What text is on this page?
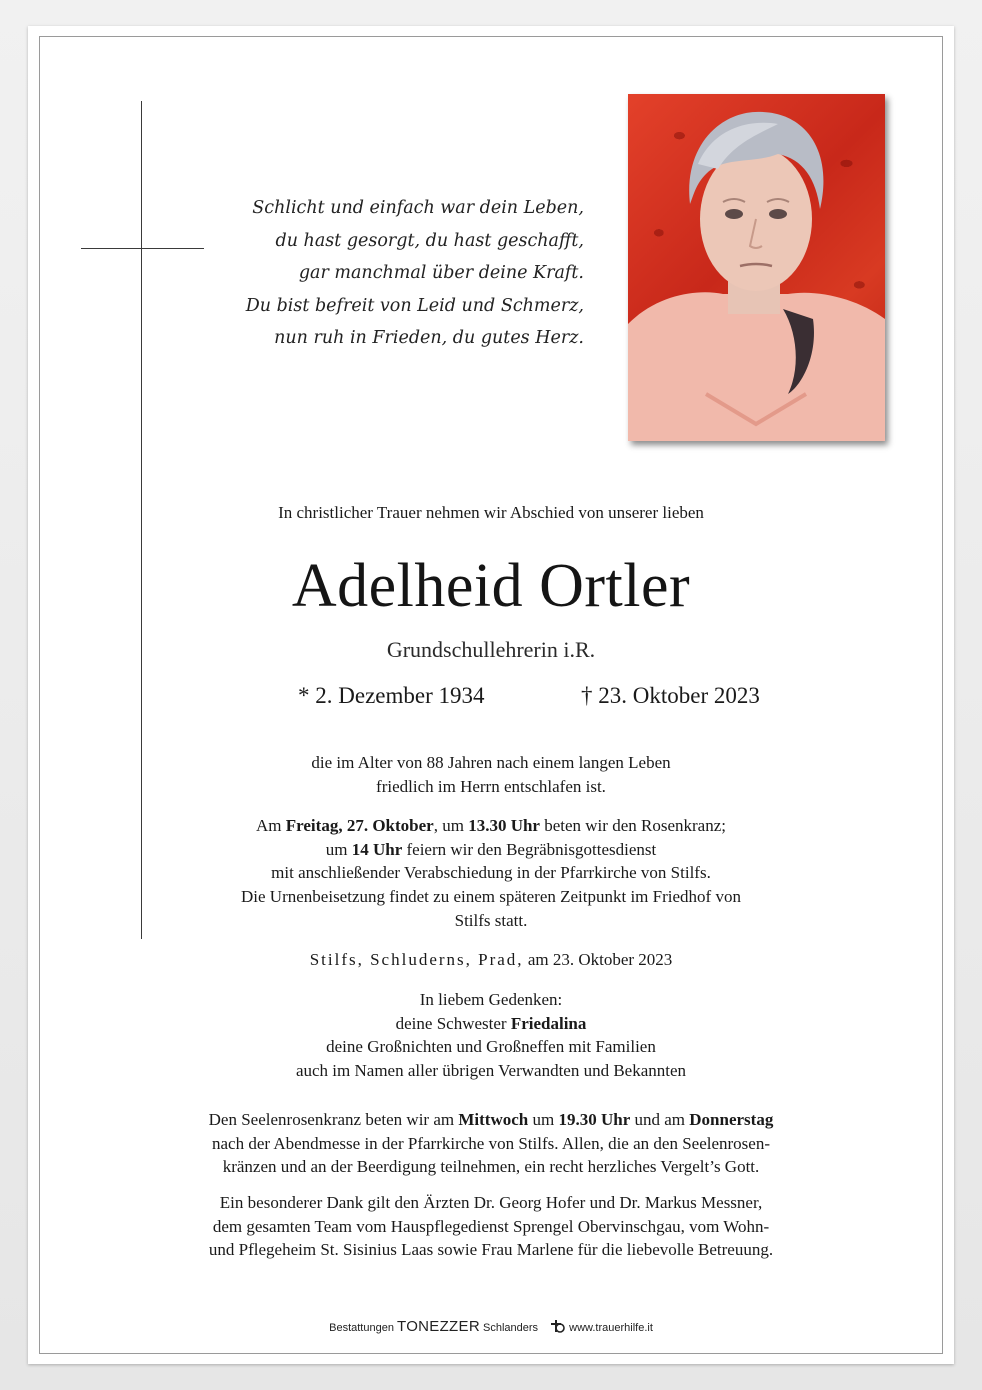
Schlicht und einfach war dein Leben,
du hast gesorgt, du hast geschafft,
gar manchmal über deine Kraft.
Du bist befreit von Leid und Schmerz,
nun ruh in Frieden, du gutes Herz.
In christlicher Trauer nehmen wir Abschied von unserer lieben
Adelheid Ortler
Grundschullehrerin i.R.
* 2. Dezember 1934	† 23. Oktober 2023
die im Alter von 88 Jahren nach einem langen Leben
friedlich im Herrn entschlafen ist.
Am Freitag, 27. Oktober, um 13.30 Uhr beten wir den Rosenkranz;
um 14 Uhr feiern wir den Begräbnisgottesdienst
mit anschließender Verabschiedung in der Pfarrkirche von Stilfs.
Die Urnenbeisetzung findet zu einem späteren Zeitpunkt im Friedhof von
Stilfs statt.
Stilfs, Schluderns, Prad, am 23. Oktober 2023
In liebem Gedenken:
deine Schwester Friedalina
deine Großnichten und Großneffen mit Familien
auch im Namen aller übrigen Verwandten und Bekannten
Den Seelenrosenkranz beten wir am Mittwoch um 19.30 Uhr und am Donnerstag
nach der Abendmesse in der Pfarrkirche von Stilfs. Allen, die an den Seelenrosen-
kränzen und an der Beerdigung teilnehmen, ein recht herzliches Vergelt’s Gott.
Ein besonderer Dank gilt den Ärzten Dr. Georg Hofer und Dr. Markus Messner,
dem gesamten Team vom Hauspflegedienst Sprengel Obervinschgau, vom Wohn-
und Pflegeheim St. Sisinius Laas sowie Frau Marlene für die liebevolle Betreuung.
Bestattungen TONEZZER Schlanders	www.trauerhilfe.it
